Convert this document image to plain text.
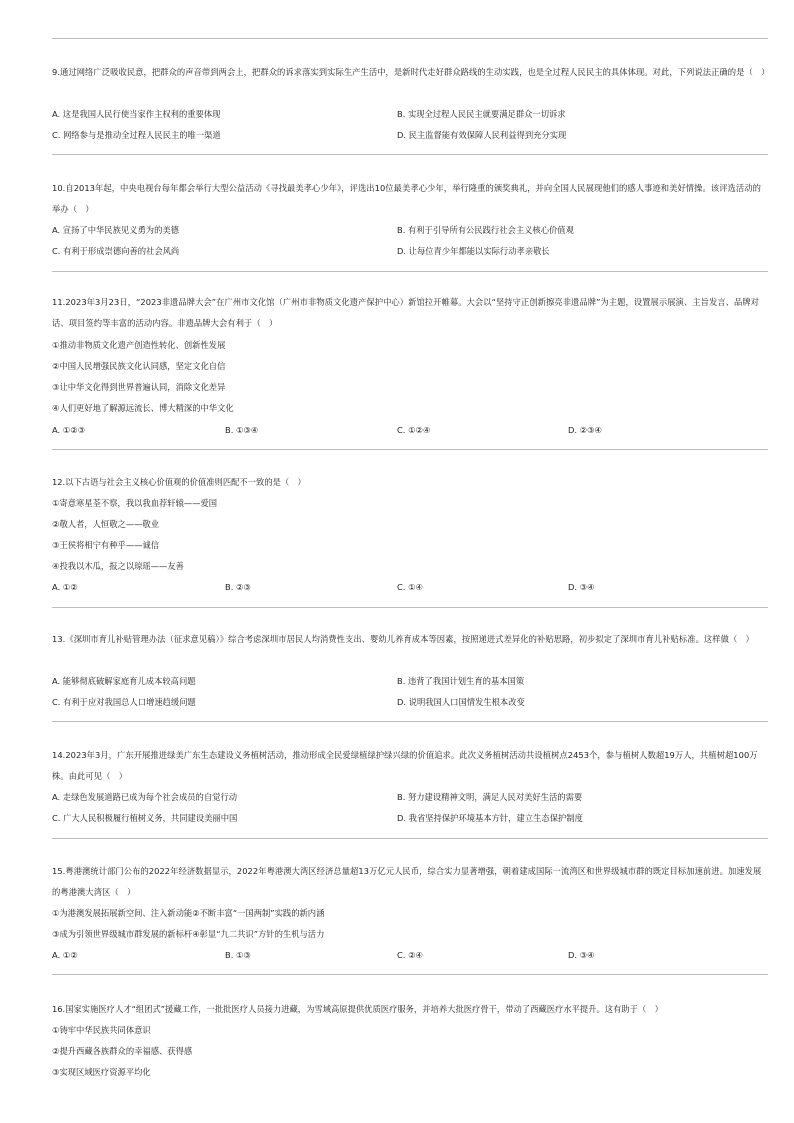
9.通过网络广泛吸收民意，把群众的声音带到两会上，把群众的诉求落实到实际生产生活中，是新时代走好群众路线的生动实践，也是全过程人民民主的具体体现。对此，下列说法正确的是（　）
A. 这是我国人民行使当家作主权利的重要体现	B. 实现全过程人民民主就要满足群众一切诉求
C. 网络参与是推动全过程人民民主的唯一渠道	D. 民主监督能有效保障人民利益得到充分实现
10.自2013年起，中央电视台每年都会举行大型公益活动《寻找最美孝心少年》，评选出10位最美孝心少年，举行隆重的颁奖典礼，并向全国人民展现他们的感人事迹和美好情操。该评选活动的举办（　）
A. 宣扬了中华民族见义勇为的美德	B. 有利于引导所有公民践行社会主义核心价值观
C. 有利于形成崇德向善的社会风尚	D. 让每位青少年都能以实际行动孝亲敬长
11.2023年3月23日，“2023非遗品牌大会”在广州市文化馆（广州市非物质文化遗产保护中心）新馆拉开帷幕。大会以“坚持守正创新擦亮非遗品牌”为主题，设置展示展演、主旨发言、品牌对话、项目签约等丰富的活动内容。非遗品牌大会有利于（　）
①推动非物质文化遗产创造性转化、创新性发展
②中国人民增强民族文化认同感，坚定文化自信
③让中华文化得到世界普遍认同，消除文化差异
④人们更好地了解源远流长、博大精深的中华文化
A. ①②③	B. ①③④	C. ①②④	D. ②③④
12.以下古语与社会主义核心价值观的价值准则匹配不一致的是（　）
①寄意寒星荃不察，我以我血荐轩辕——爱国
②敬人者，人恒敬之——敬业
③王侯将相宁有种乎——诚信
④投我以木瓜，报之以琼瑶——友善
A. ①②	B. ②③	C. ①④	D. ③④
13.《深圳市育儿补贴管理办法（征求意见稿）》综合考虑深圳市居民人均消费性支出、婴幼儿养育成本等因素，按照递进式差异化的补贴思路，初步拟定了深圳市育儿补贴标准。这样做（　）
A. 能够彻底破解家庭育儿成本较高问题	B. 违背了我国计划生育的基本国策
C. 有利于应对我国总人口增速趋缓问题	D. 说明我国人口国情发生根本改变
14.2023年3月，广东开展推进绿美广东生态建设义务植树活动，推动形成全民爱绿植绿护绿兴绿的价值追求。此次义务植树活动共设植树点2453个，参与植树人数超19万人，共植树超100万株。由此可见（　）
A. 走绿色发展道路已成为每个社会成员的自觉行动	B. 努力建设精神文明，满足人民对美好生活的需要
C. 广大人民积极履行植树义务，共同建设美丽中国	D. 我省坚持保护环境基本方针，建立生态保护制度
15.粤港澳统计部门公布的2022年经济数据显示，2022年粤港澳大湾区经济总量超13万亿元人民币，综合实力显著增强，朝着建成国际一流湾区和世界级城市群的既定目标加速前进。加速发展的粤港澳大湾区（　）
①为港澳发展拓展新空间、注入新动能②不断丰富“一国两制”实践的新内涵
③成为引领世界级城市群发展的新标杆④彰显“九二共识”方针的生机与活力
A. ①②	B. ①③	C. ②④	D. ③④
16.国家实施医疗人才“组团式”援藏工作，一批批医疗人员接力进藏，为雪域高原提供优质医疗服务，并培养大批医疗骨干，带动了西藏医疗水平提升。这有助于（　）
①铸牢中华民族共同体意识
②提升西藏各族群众的幸福感、获得感
③实现区域医疗资源平均化
